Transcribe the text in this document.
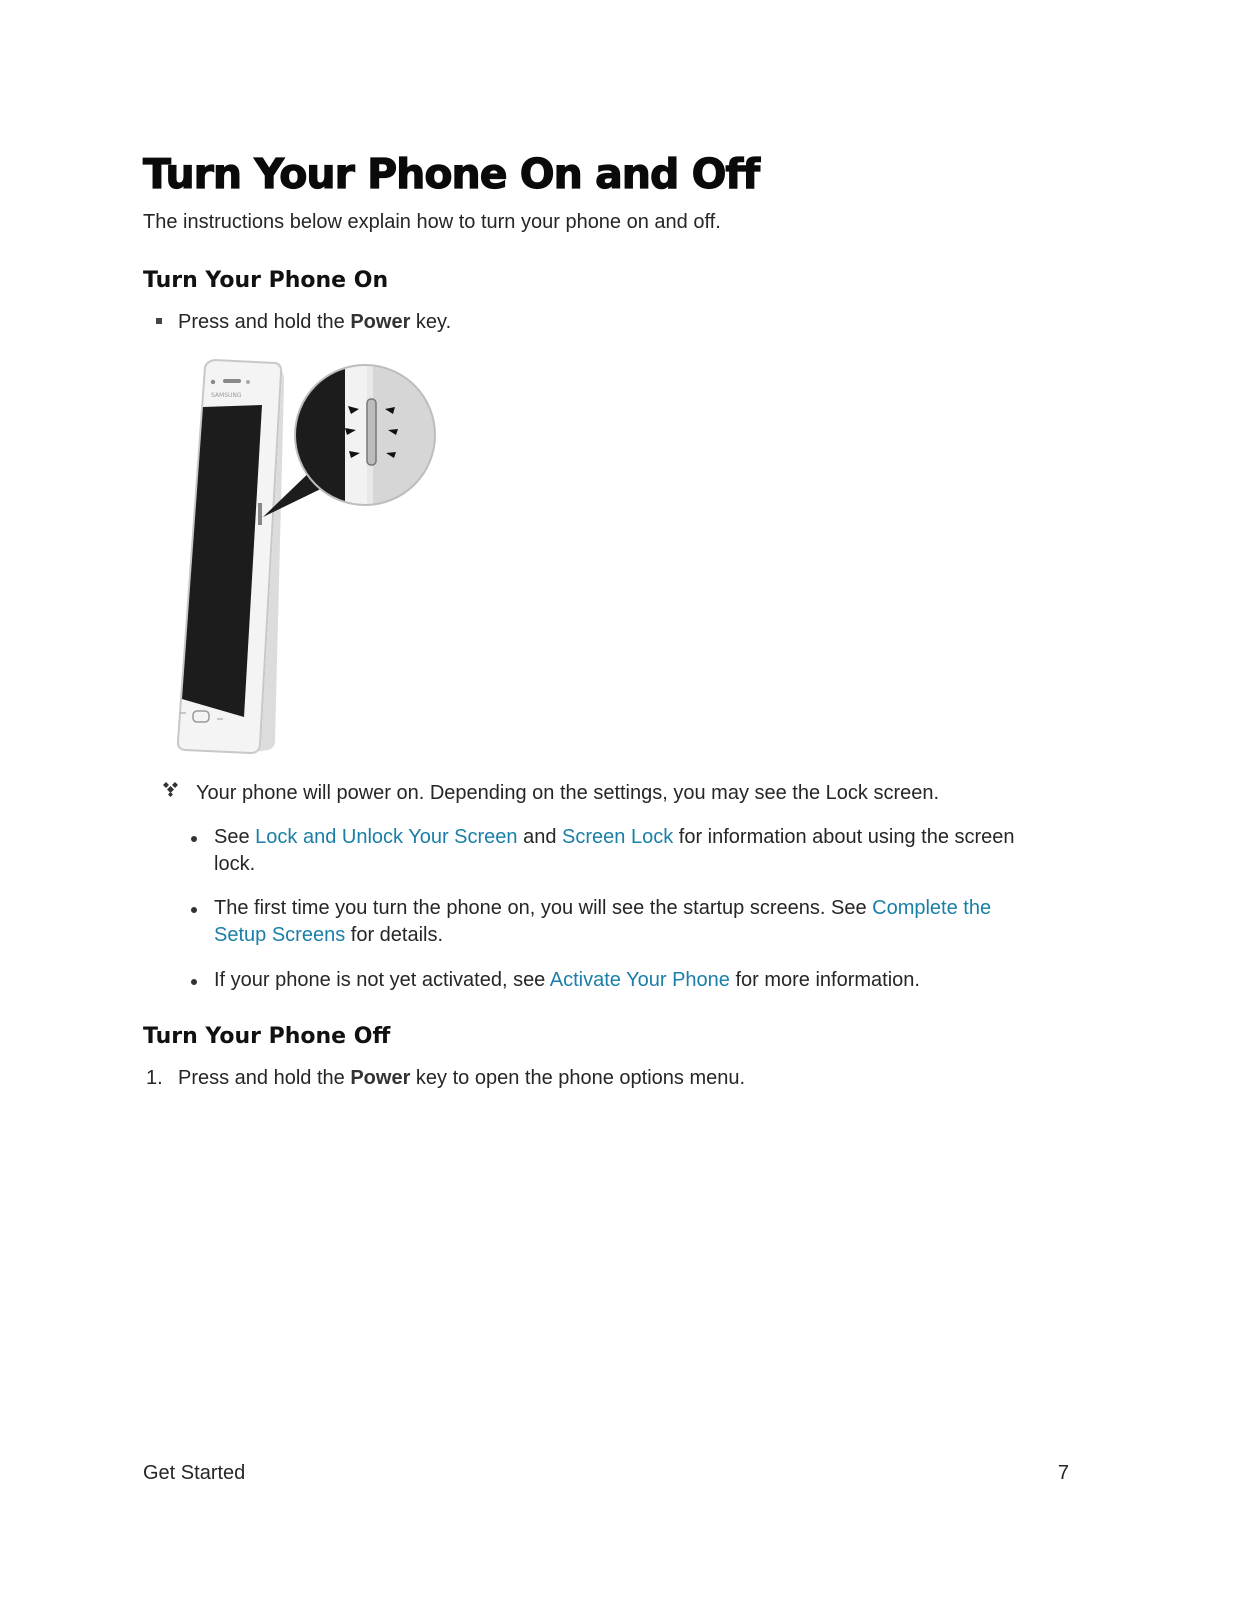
Turn Your Phone On and Off
The instructions below explain how to turn your phone on and off.
Turn Your Phone On
Press and hold the Power key.
SAMSUNG
Your phone will power on. Depending on the settings, you may see the Lock screen.
See Lock and Unlock Your Screen and Screen Lock for information about using the screen
lock.
The first time you turn the phone on, you will see the startup screens. See Complete the
Setup Screens for details.
If your phone is not yet activated, see Activate Your Phone for more information.
Turn Your Phone Off
1. Press and hold the Power key to open the phone options menu.
Get Started	7
